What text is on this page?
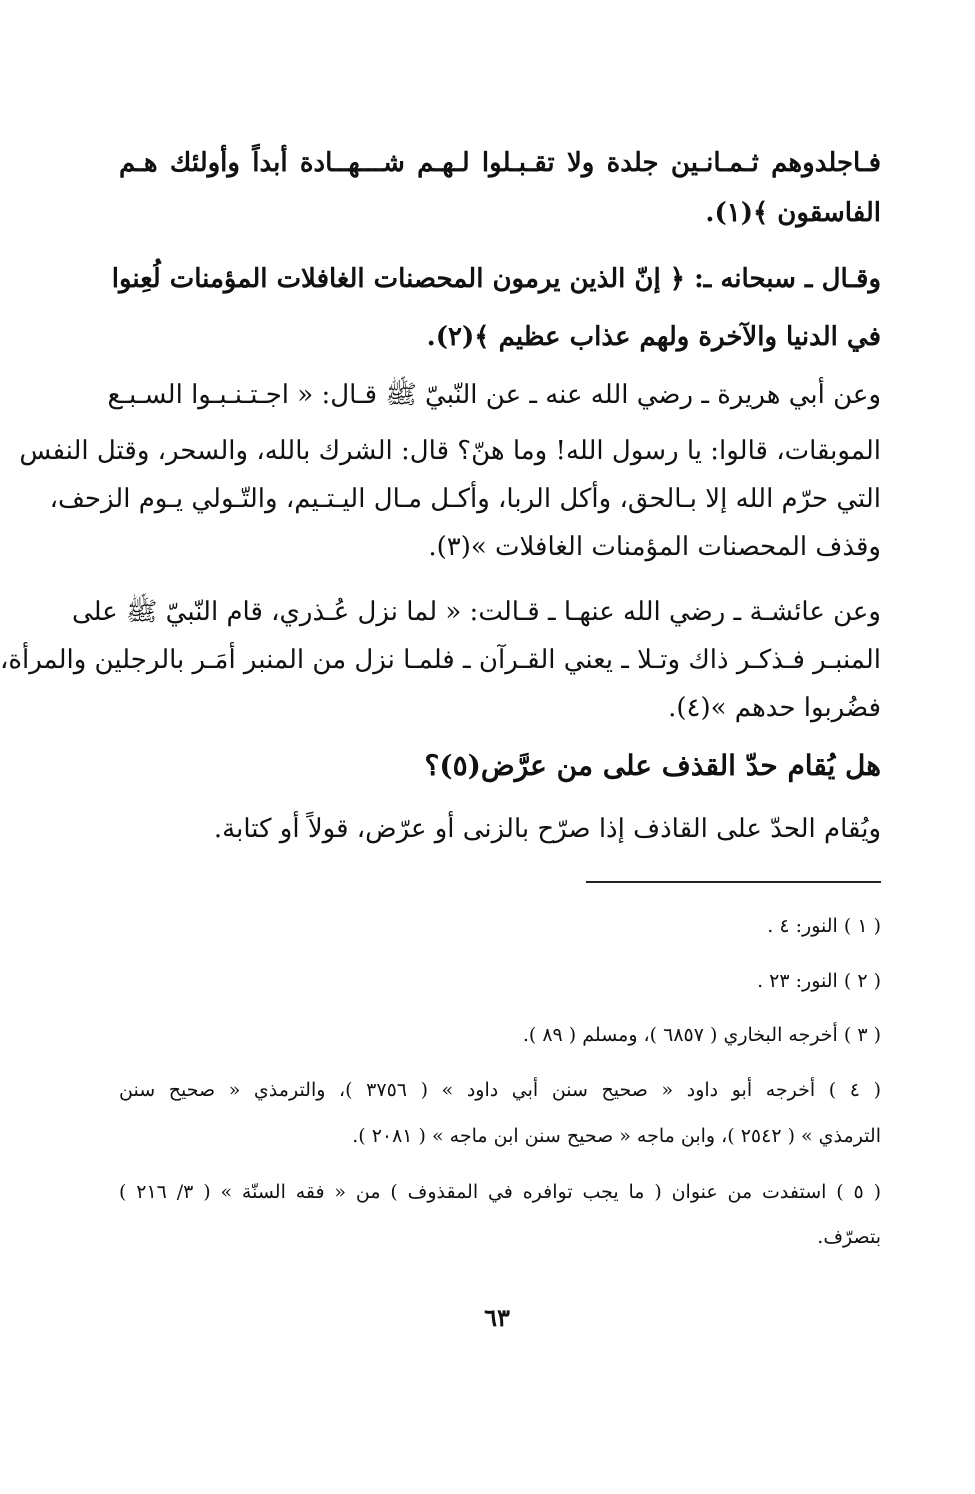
فـاجلدوهم ثـمـانـين جلدة ولا تقـبـلوا لـهـم شـــهــادة أبداً وأولئك هـم
الفاسقون ﴾(١).
وقـال ـ سبحانه ـ: ﴿ إنّ الذين يرمون المحصنات الغافلات المؤمنات لُعِنوا
في الدنيا والآخرة ولهم عذاب عظيم ﴾(٢).
وعن أبي هريرة ـ رضي الله عنه ـ عن النّبيّ ﷺ قـال: « اجـتـنـبـوا السـبـع
الموبقات، قالوا: يا رسول الله! وما هنّ؟ قال: الشرك بالله، والسحر، وقتل النفس
التي حرّم الله إلا بـالحق، وأكل الربا، وأكـل مـال اليـتـيم، والتّـولي يـوم الزحف،
وقذف المحصنات المؤمنات الغافلات »(٣).
وعن عائشـة ـ رضي الله عنهـا ـ قـالت: « لما نزل عُـذري، قام النّبيّ ﷺ على
المنبـر فـذكـر ذاك وتـلا ـ يعني القـرآن ـ فلمـا نزل من المنبر أمَـر بالرجلين والمرأة،
فضُربوا حدهم »(٤).
هل يُقام حدّ القذف على من عرَّض(٥)؟
ويُقام الحدّ على القاذف إذا صرّح بالزنى أو عرّض، قولاً أو كتابة.
( ١ ) النور: ٤ .
( ٢ ) النور: ٢٣ .
( ٣ ) أخرجه البخاري ( ٦٨٥٧ )، ومسلم ( ٨٩ ).
( ٤ ) أخرجه أبو داود « صحيح سنن أبي داود » ( ٣٧٥٦ )، والترمذي « صحيح سنن
الترمذي » ( ٢٥٤٢ )، وابن ماجه « صحيح سنن ابن ماجه » ( ٢٠٨١ ).
( ٥ ) استفدت من عنوان ( ما يجب توافره في المقذوف ) من « فقه السنّة » ( ٣/ ٢١٦ )
بتصرّف.
٦٣
